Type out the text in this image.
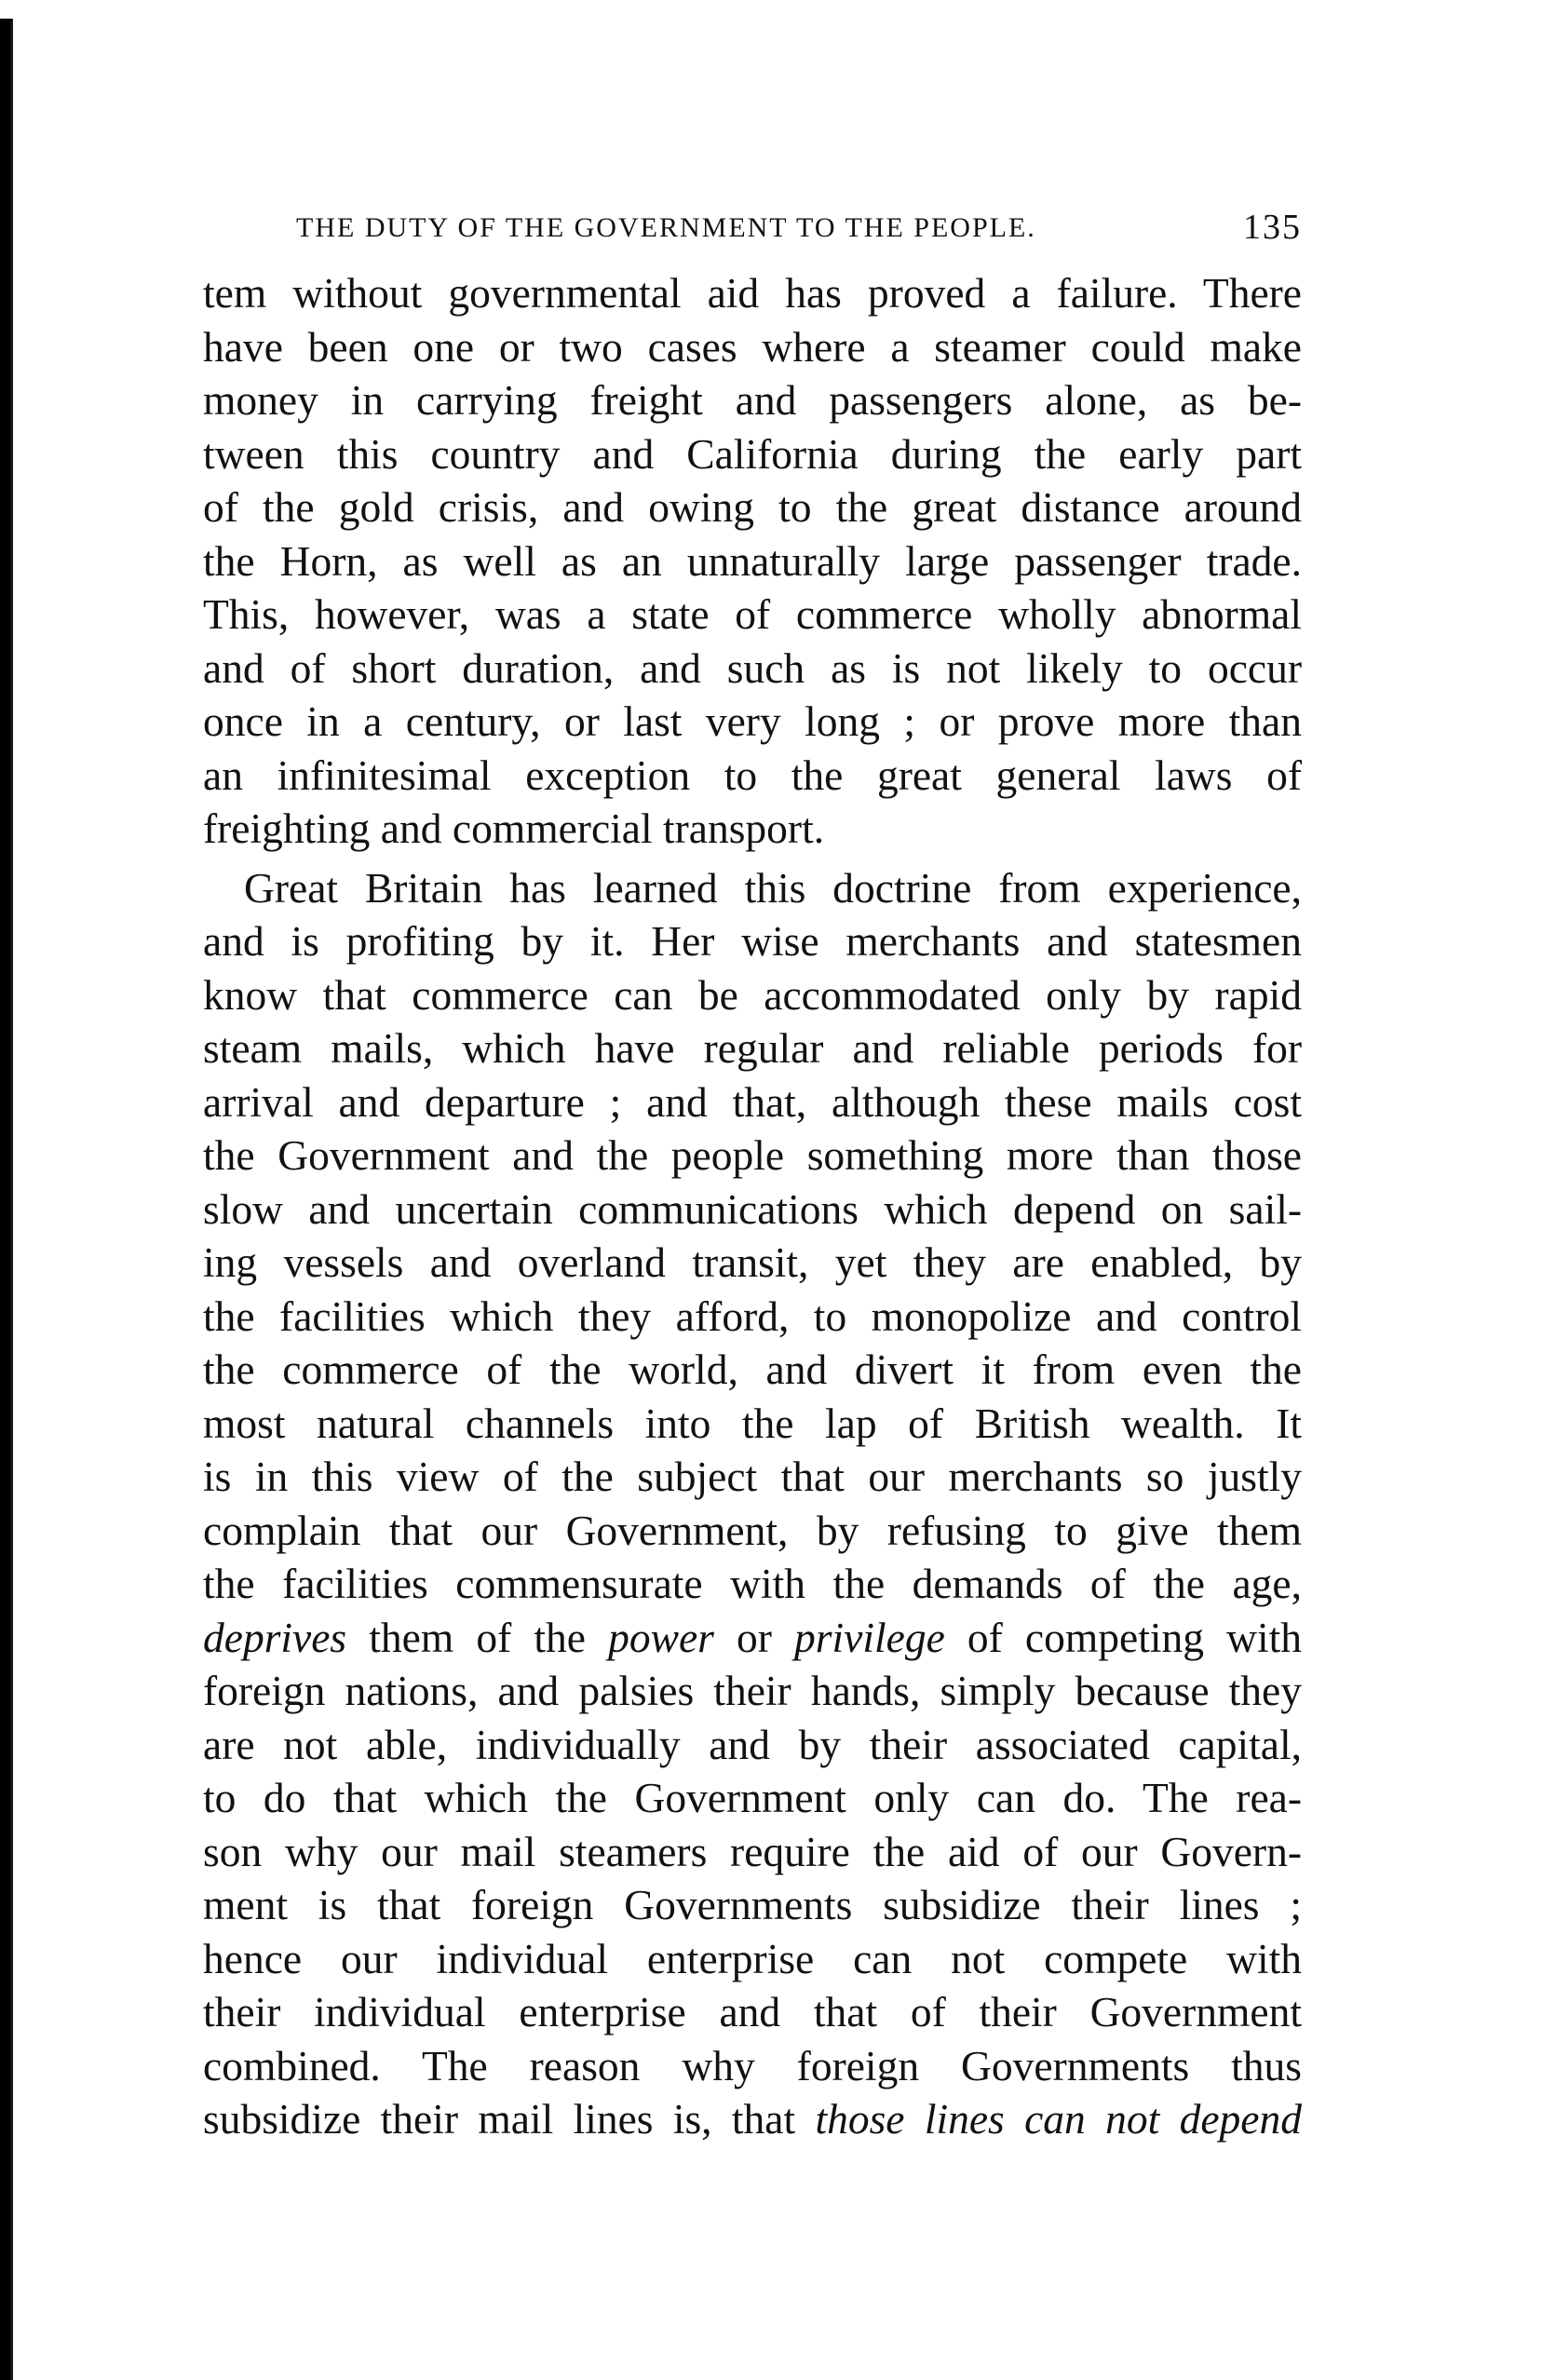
THE DUTY OF THE GOVERNMENT TO THE PEOPLE.	135

tem without governmental aid has proved a failure. There
have been one or two cases where a steamer could make
money in carrying freight and passengers alone, as be-
tween this country and California during the early part
of the gold crisis, and owing to the great distance around
the Horn, as well as an unnaturally large passenger trade.
This, however, was a state of commerce wholly abnormal
and of short duration, and such as is not likely to occur
once in a century, or last very long ; or prove more than
an infinitesimal exception to the great general laws of
freighting and commercial transport.

Great Britain has learned this doctrine from experience,
and is profiting by it. Her wise merchants and statesmen
know that commerce can be accommodated only by rapid
steam mails, which have regular and reliable periods for
arrival and departure ; and that, although these mails cost
the Government and the people something more than those
slow and uncertain communications which depend on sail-
ing vessels and overland transit, yet they are enabled, by
the facilities which they afford, to monopolize and control
the commerce of the world, and divert it from even the
most natural channels into the lap of British wealth. It
is in this view of the subject that our merchants so justly
complain that our Government, by refusing to give them
the facilities commensurate with the demands of the age,
deprives them of the power or privilege of competing with
foreign nations, and palsies their hands, simply because they
are not able, individually and by their associated capital,
to do that which the Government only can do. The rea-
son why our mail steamers require the aid of our Govern-
ment is that foreign Governments subsidize their lines ;
hence our individual enterprise can not compete with
their individual enterprise and that of their Government
combined. The reason why foreign Governments thus
subsidize their mail lines is, that those lines can not depend
